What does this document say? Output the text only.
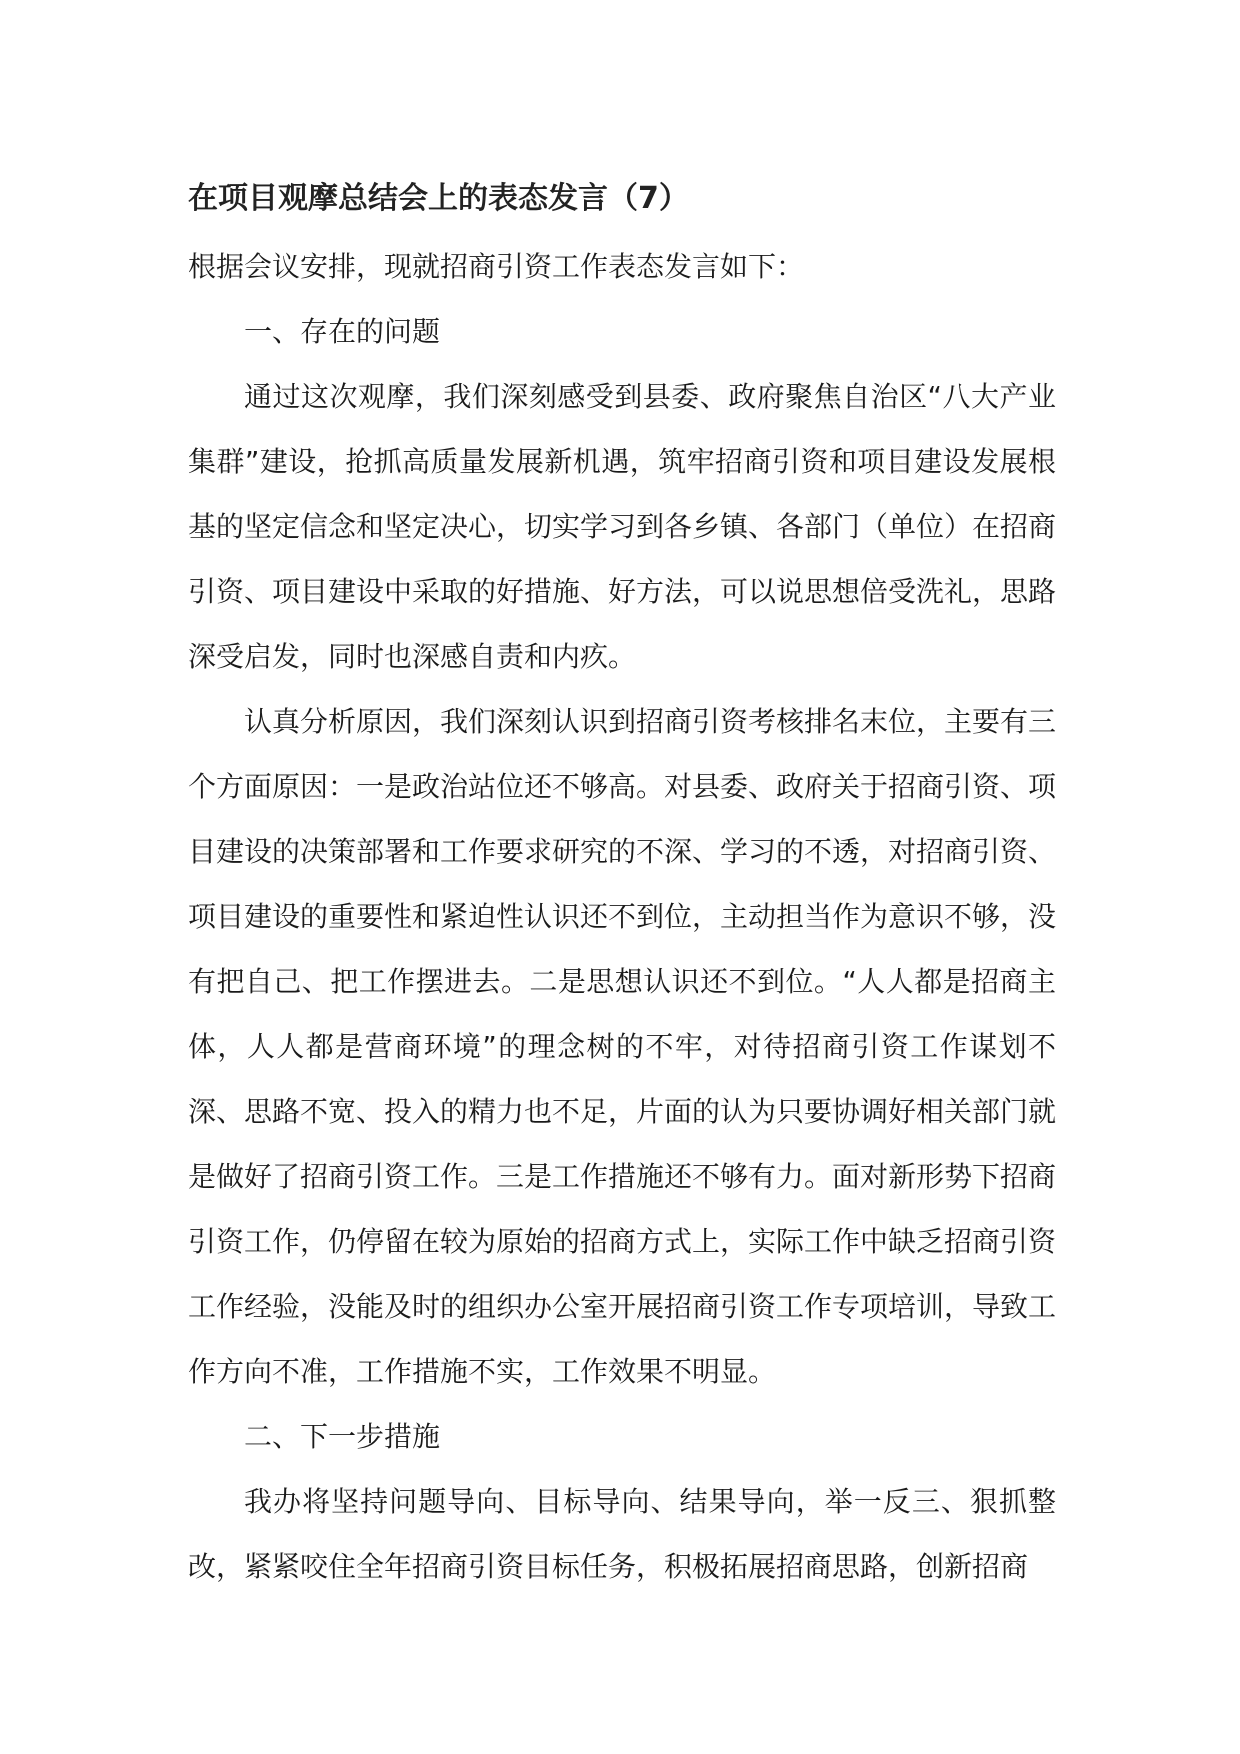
在项目观摩总结会上的表态发言（7）

根据会议安排，现就招商引资工作表态发言如下：

一、存在的问题

通过这次观摩，我们深刻感受到县委、政府聚焦自治区“八大产业集群”建设，抢抓高质量发展新机遇，筑牢招商引资和项目建设发展根基的坚定信念和坚定决心，切实学习到各乡镇、各部门（单位）在招商引资、项目建设中采取的好措施、好方法，可以说思想倍受洗礼，思路深受启发，同时也深感自责和内疚。

认真分析原因，我们深刻认识到招商引资考核排名末位，主要有三个方面原因：一是政治站位还不够高。对县委、政府关于招商引资、项目建设的决策部署和工作要求研究的不深、学习的不透，对招商引资、项目建设的重要性和紧迫性认识还不到位，主动担当作为意识不够，没有把自己、把工作摆进去。二是思想认识还不到位。“人人都是招商主体，人人都是营商环境”的理念树的不牢，对待招商引资工作谋划不深、思路不宽、投入的精力也不足，片面的认为只要协调好相关部门就是做好了招商引资工作。三是工作措施还不够有力。面对新形势下招商引资工作，仍停留在较为原始的招商方式上，实际工作中缺乏招商引资工作经验，没能及时的组织办公室开展招商引资工作专项培训，导致工作方向不准，工作措施不实，工作效果不明显。

二、下一步措施

我办将坚持问题导向、目标导向、结果导向，举一反三、狠抓整改，紧紧咬住全年招商引资目标任务，积极拓展招商思路，创新招商
